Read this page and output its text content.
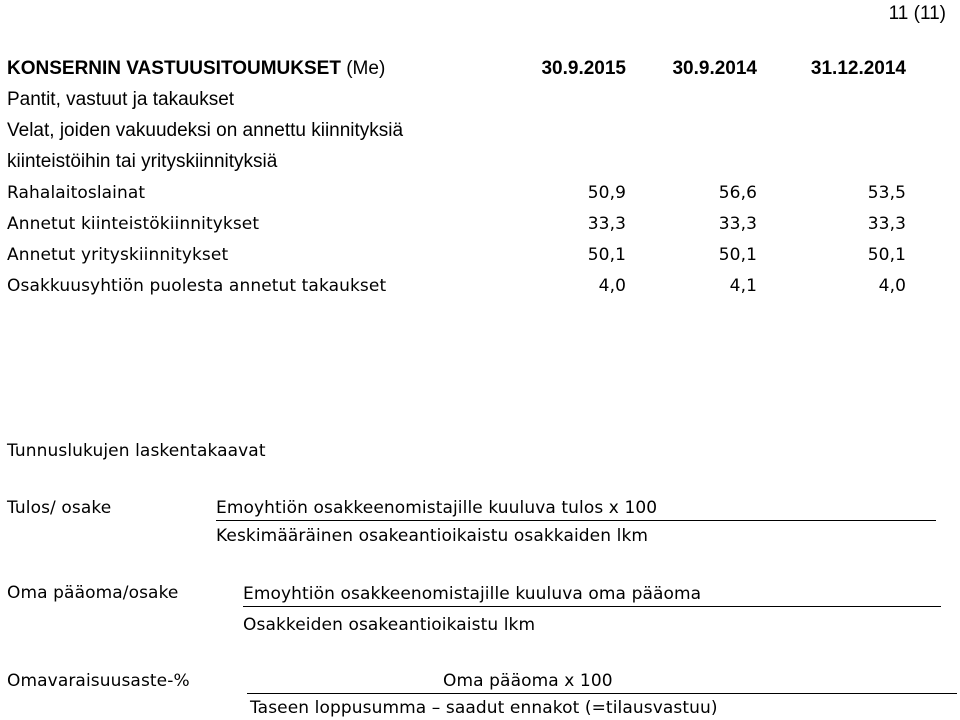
11 (11)
KONSERNIN VASTUUSITOUMUKSET (Me)	30.9.2015 30.9.2014	31.12.2014
Pantit, vastuut ja takaukset
Velat, joiden vakuudeksi on annettu kiinnityksiä
kiinteistöihin tai yrityskiinnityksiä
Rahalaitoslainat	50,9	56,6	53,5
Annetut kiinteistökiinnitykset	33,3	33,3	33,3
Annetut yrityskiinnitykset	50,1	50,1	50,1
Osakkuusyhtiön puolesta annetut takaukset	4,0	4,1	4,0
Tunnuslukujen laskentakaavat
Tulos/ osake	Emoyhtiön osakkeenomistajille kuuluva tulos x 100
Keskimääräinen osakeantioikaistu osakkaiden lkm
Oma pääoma/osake	Emoyhtiön osakkeenomistajille kuuluva oma pääoma
Osakkeiden osakeantioikaistu lkm
Omavaraisuusaste-%	Oma pääoma x 100
Taseen loppusumma – saadut ennakot (=tilausvastuu)
